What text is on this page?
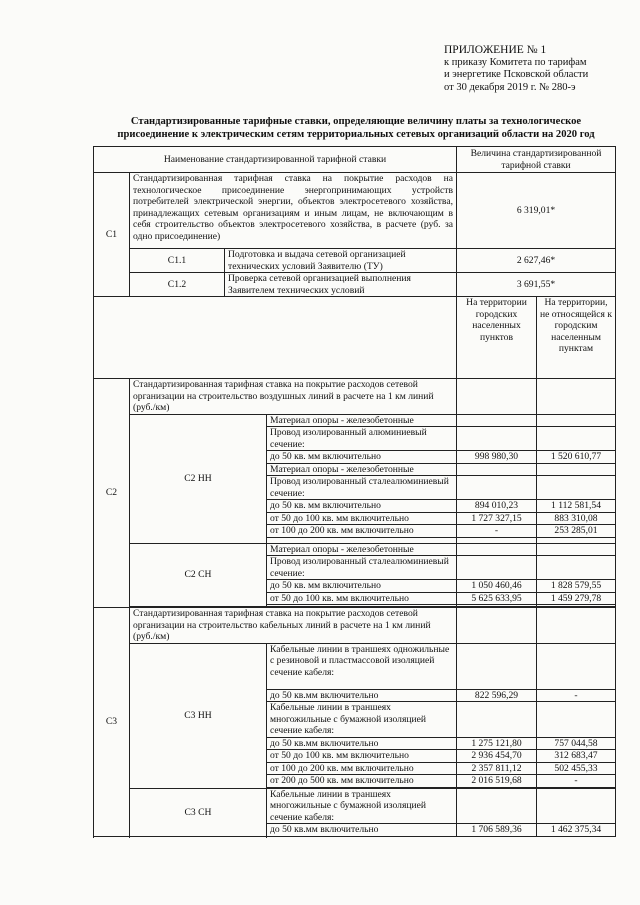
ПРИЛОЖЕНИЕ № 1
к приказу Комитета по тарифам
и энергетике Псковской области
от 30 декабря 2019 г. № 280-э
Стандартизированные тарифные ставки, определяющие величину платы за технологическое присоединение к электрическим сетям территориальных сетевых организаций области на 2020 год
Наименование стандартизированной тарифной ставки				Величина стандартизированной тарифной ставки	
С1	Стандартизированная тарифная ставка на покрытие расходов на технологическое присоединение энергопринимающих устройств потребителей электрической энергии, объектов электросетевого хозяйства, принадлежащих сетевым организациям и иным лицам, не включающим в себя строительство объектов электросетевого хозяйства, в расчете (руб. за одно присоединение)			6 319,01*	
	С1.1	Подготовка и выдача сетевой организацией технических условий Заявителю (ТУ)		2 627,46*	
	С1.2	Проверка сетевой организацией выполнения Заявителем технических условий		3 691,55*	
				На территории городских населенных пунктов	На территории, не относящейся к городским населенным пунктам
С2	Стандартизированная тарифная ставка на покрытие расходов сетевой организации на строительство воздушных линий в расчете на 1 км линий (руб./км)				
	С2 НН		Материал опоры - железобетонные		
			Провод изолированный алюминиевый сечение:		
			до 50 кв. мм включительно	998 980,30	1 520 610,77
			Материал опоры - железобетонные		
			Провод изолированный сталеалюминиевый сечение:		
			до 50 кв. мм включительно	894 010,23	1 112 581,54
			от 50 до 100 кв. мм включительно	1 727 327,15	883 310,08
			от 100 до 200 кв. мм включительно	-	253 285,01

	С2 СН		Материал опоры - железобетонные		
			Провод изолированный сталеалюминиевый сечение:		
			до 50 кв. мм включительно	1 050 460,46	1 828 579,55
			от 50 до 100 кв. мм включительно	5 625 633,95	1 459 279,78

С3	Стандартизированная тарифная ставка на покрытие расходов сетевой организации на строительство кабельных линий в расчете на 1 км линий (руб./км)				
	С3 НН		Кабельные линии в траншеях одножильные с резиновой и пластмассовой изоляцией сечение кабеля:		
			до 50 кв.мм включительно	822 596,29	-
			Кабельные линии в траншеях многожильные с бумажной изоляцией сечение кабеля:		
			до 50 кв.мм включительно	1 275 121,80	757 044,58
			от 50 до 100 кв. мм включительно	2 936 454,70	312 683,47
			от 100 до 200 кв. мм включительно	2 357 811,12	502 455,33
			от 200 до 500 кв. мм включительно	2 016 519,68	-

	С3 СН		Кабельные линии в траншеях многожильные с бумажной изоляцией сечение кабеля:		
			до 50 кв.мм включительно	1 706 589,36	1 462 375,34
